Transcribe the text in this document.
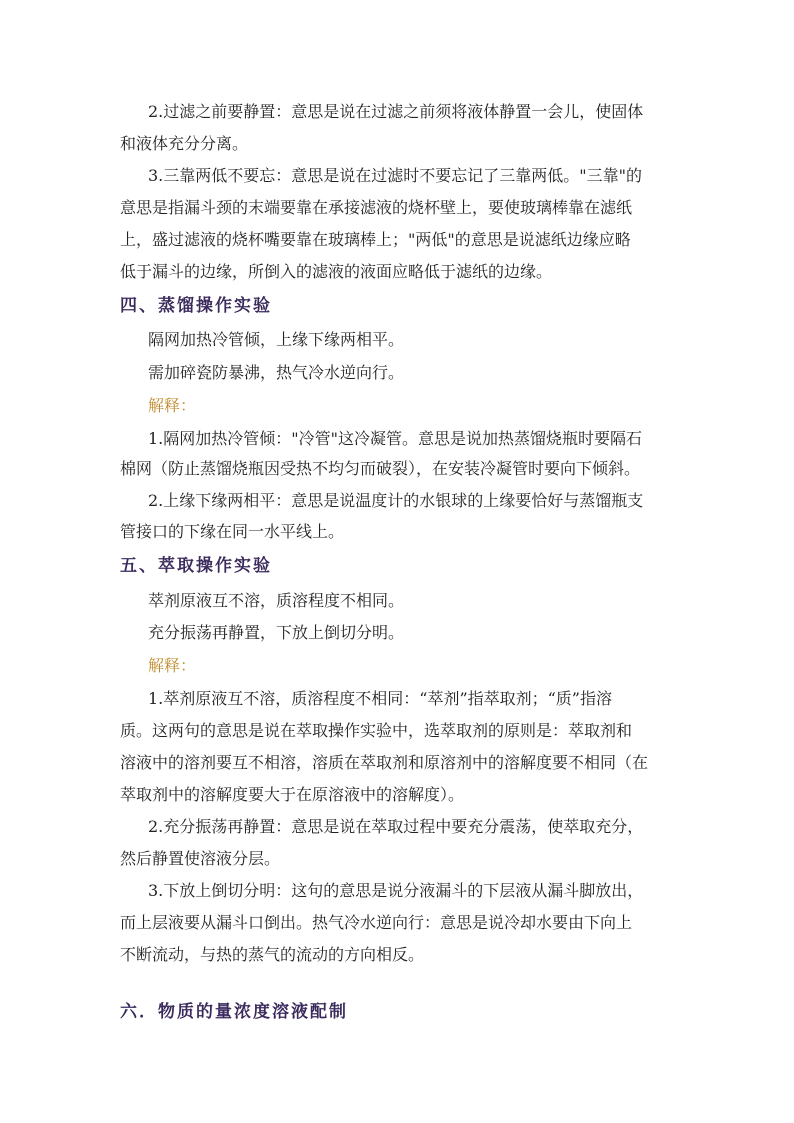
2.过滤之前要静置：意思是说在过滤之前须将液体静置一会儿，使固体
和液体充分分离。
3.三靠两低不要忘：意思是说在过滤时不要忘记了三靠两低。"三靠"的
意思是指漏斗颈的末端要靠在承接滤液的烧杯壁上，要使玻璃棒靠在滤纸
上，盛过滤液的烧杯嘴要靠在玻璃棒上；"两低"的意思是说滤纸边缘应略
低于漏斗的边缘，所倒入的滤液的液面应略低于滤纸的边缘。
四、蒸馏操作实验
隔网加热冷管倾，上缘下缘两相平。
需加碎瓷防暴沸，热气冷水逆向行。
解释：
1.隔网加热冷管倾："冷管"这冷凝管。意思是说加热蒸馏烧瓶时要隔石
棉网（防止蒸馏烧瓶因受热不均匀而破裂），在安装冷凝管时要向下倾斜。
2.上缘下缘两相平：意思是说温度计的水银球的上缘要恰好与蒸馏瓶支
管接口的下缘在同一水平线上。
五、萃取操作实验
萃剂原液互不溶，质溶程度不相同。
充分振荡再静置，下放上倒切分明。
解释：
1.萃剂原液互不溶，质溶程度不相同：“萃剂”指萃取剂；“质”指溶
质。这两句的意思是说在萃取操作实验中，选萃取剂的原则是：萃取剂和
溶液中的溶剂要互不相溶，溶质在萃取剂和原溶剂中的溶解度要不相同（在
萃取剂中的溶解度要大于在原溶液中的溶解度）。
2.充分振荡再静置：意思是说在萃取过程中要充分震荡，使萃取充分，
然后静置使溶液分层。
3.下放上倒切分明：这句的意思是说分液漏斗的下层液从漏斗脚放出，
而上层液要从漏斗口倒出。热气冷水逆向行：意思是说冷却水要由下向上
不断流动，与热的蒸气的流动的方向相反。
六．物质的量浓度溶液配制
